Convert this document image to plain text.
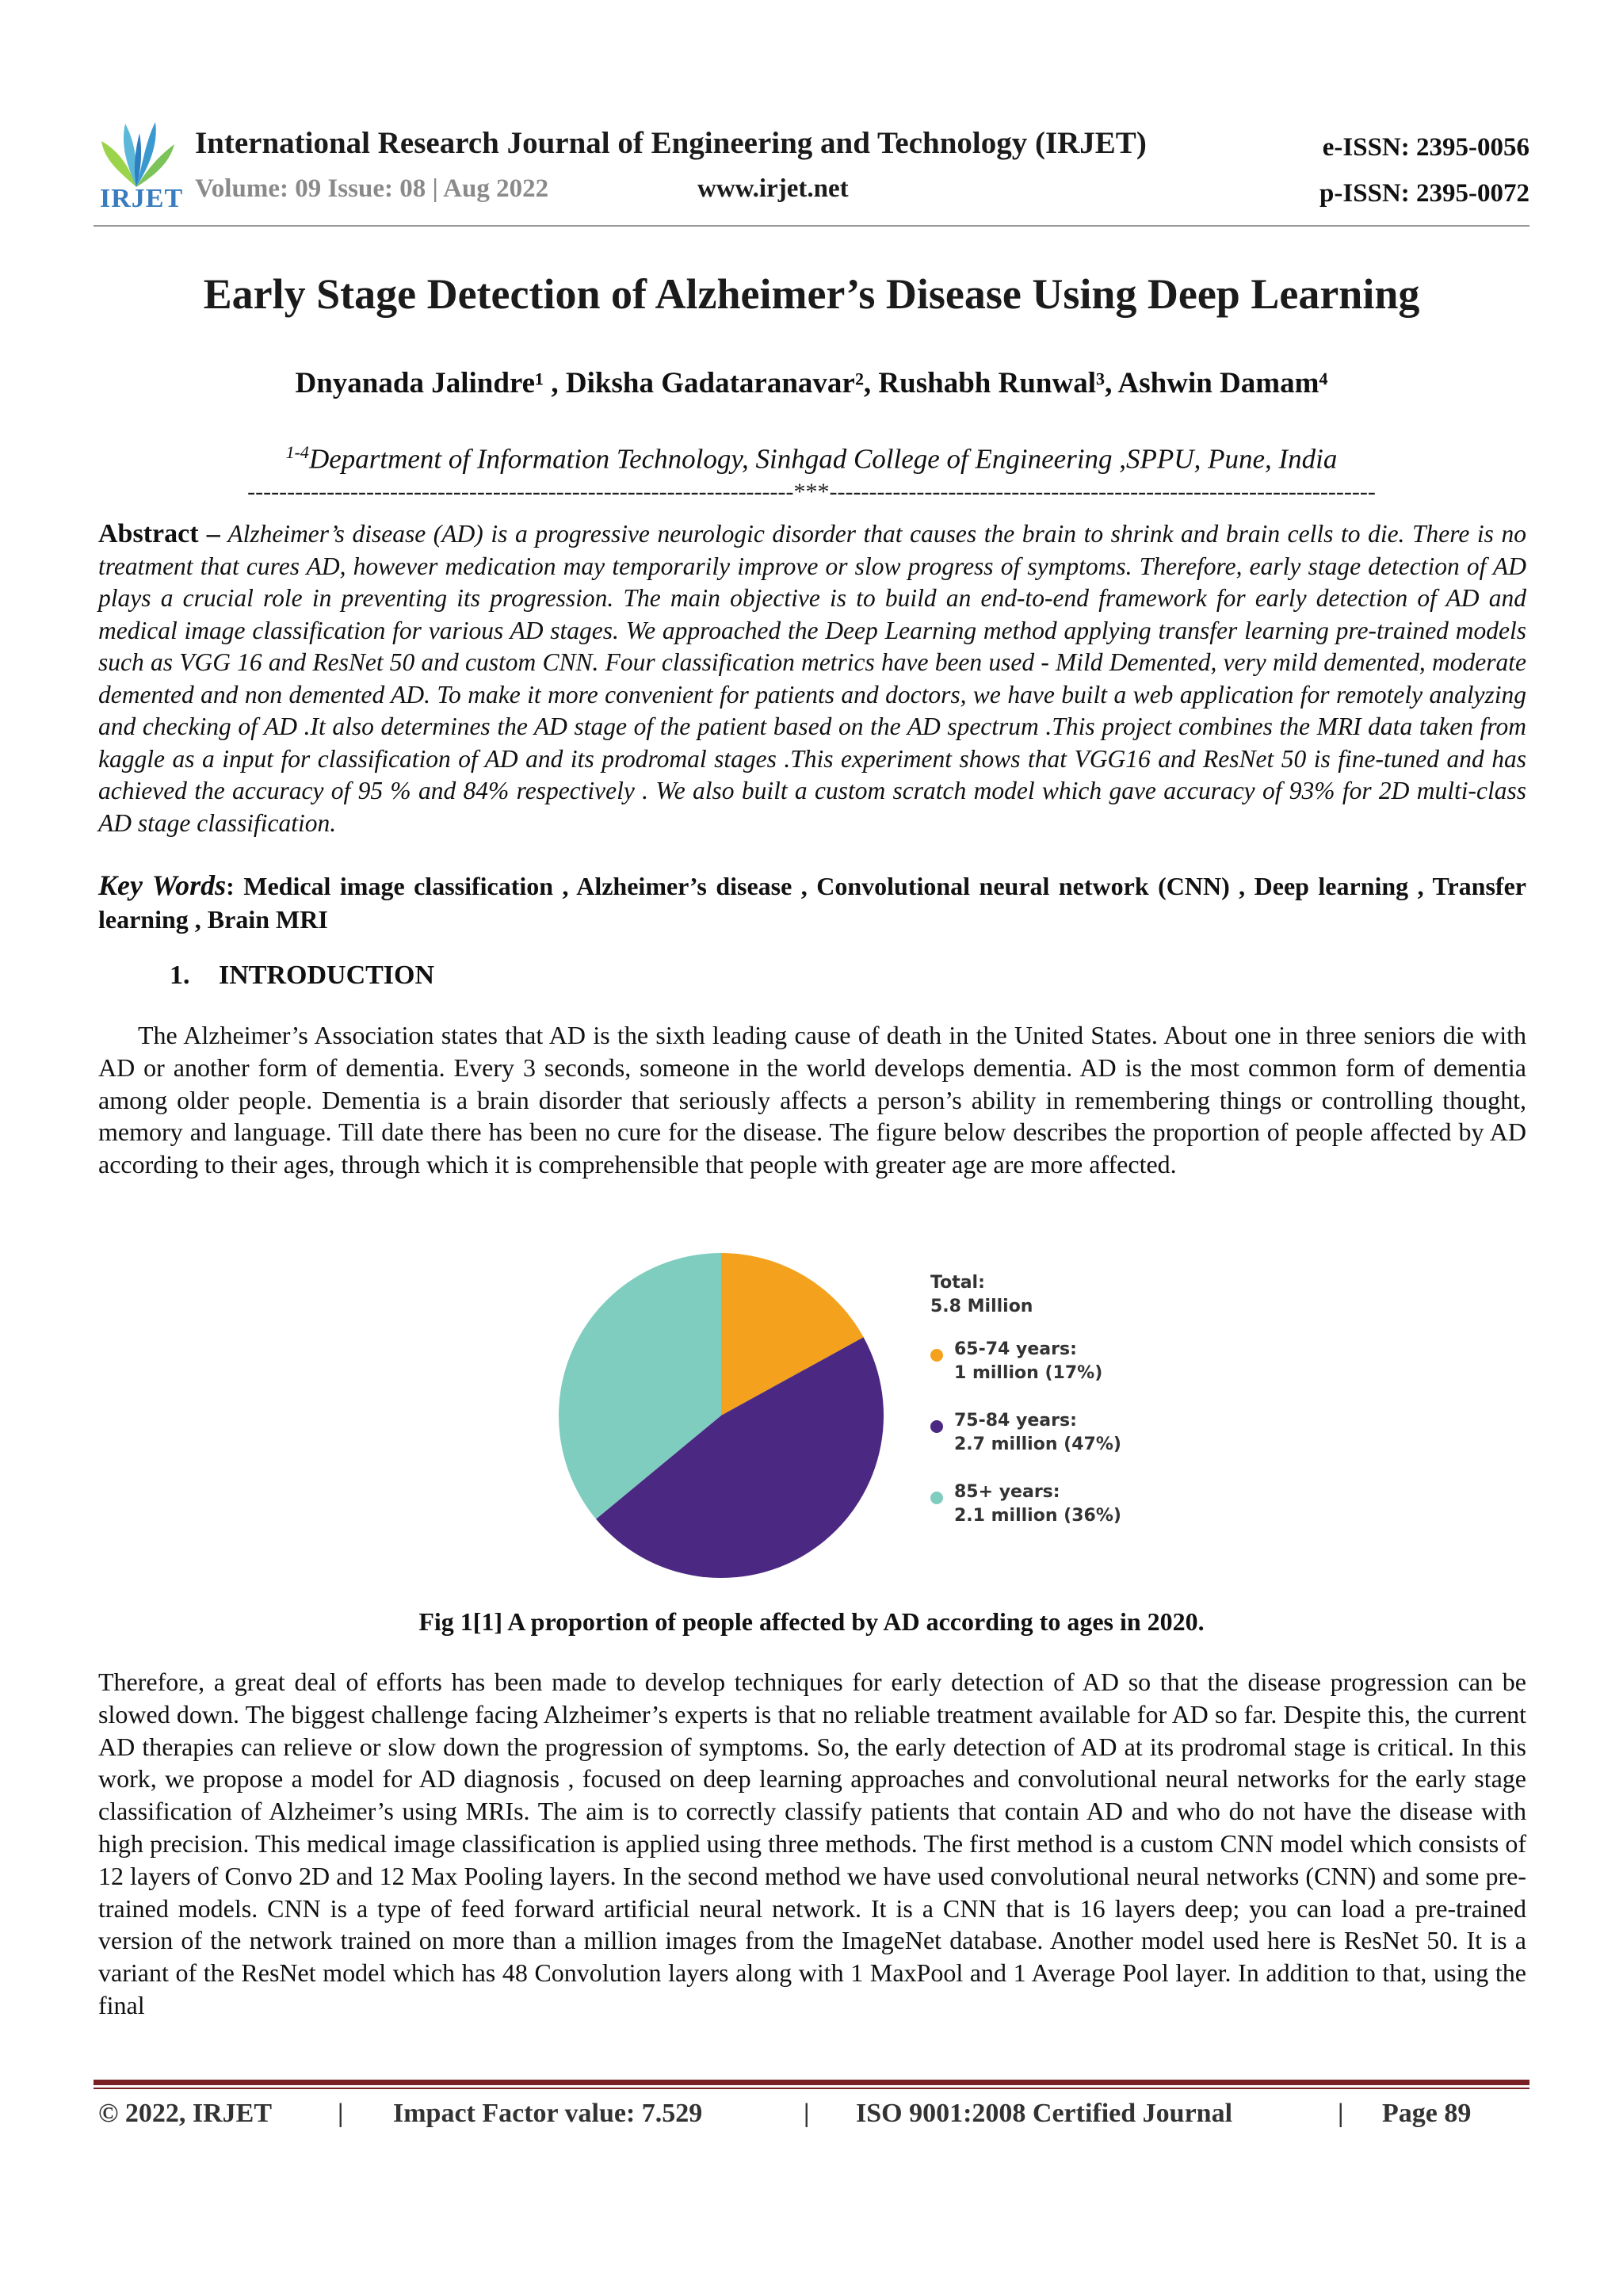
IRJET
International Research Journal of Engineering and Technology (IRJET)
Volume: 09 Issue: 08 | Aug 2022	www.irjet.net
e-ISSN: 2395-0056
p-ISSN: 2395-0072
Early Stage Detection of Alzheimer’s Disease Using Deep Learning
Dnyanada Jalindre¹ , Diksha Gadataranavar², Rushabh Runwal³, Ashwin Damam⁴
$^{1-4}$Department of Information Technology, Sinhgad College of Engineering ,SPPU, Pune, India
---------------------------------------------------------------------***---------------------------------------------------------------------
Abstract – Alzheimer’s disease (AD) is a progressive neurologic disorder that causes the brain to shrink and brain cells to die. There is no treatment that cures AD, however medication may temporarily improve or slow progress of symptoms. Therefore, early stage detection of AD plays a crucial role in preventing its progression. The main objective is to build an end-to-end framework for early detection of AD and medical image classification for various AD stages. We approached the Deep Learning method applying transfer learning pre-trained models such as VGG 16 and ResNet 50 and custom CNN. Four classification metrics have been used - Mild Demented, very mild demented, moderate demented and non demented AD. To make it more convenient for patients and doctors, we have built a web application for remotely analyzing and checking of AD .It also determines the AD stage of the patient based on the AD spectrum .This project combines the MRI data taken from kaggle as a input for classification of AD and its prodromal stages .This experiment shows that VGG16 and ResNet 50 is fine-tuned and has achieved the accuracy of 95 % and 84% respectively . We also built a custom scratch model which gave accuracy of 93% for 2D multi-class AD stage classification.
Key Words: Medical image classification , Alzheimer’s disease , Convolutional neural network (CNN) , Deep learning , Transfer learning , Brain MRI
1. INTRODUCTION
The Alzheimer’s Association states that AD is the sixth leading cause of death in the United States. About one in three seniors die with AD or another form of dementia. Every 3 seconds, someone in the world develops dementia. AD is the most common form of dementia among older people. Dementia is a brain disorder that seriously affects a person’s ability in remembering things or controlling thought, memory and language. Till date there has been no cure for the disease. The figure below describes the proportion of people affected by AD according to their ages, through which it is comprehensible that people with greater age are more affected.
Total:
5.8 Million
65-74 years:
1 million (17%)
75-84 years:
2.7 million (47%)
85+ years:
2.1 million (36%)
Fig 1[1] A proportion of people affected by AD according to ages in 2020.
Therefore, a great deal of efforts has been made to develop techniques for early detection of AD so that the disease progression can be slowed down. The biggest challenge facing Alzheimer’s experts is that no reliable treatment available for AD so far. Despite this, the current AD therapies can relieve or slow down the progression of symptoms. So, the early detection of AD at its prodromal stage is critical. In this work, we propose a model for AD diagnosis , focused on deep learning approaches and convolutional neural networks for the early stage classification of Alzheimer’s using MRIs. The aim is to correctly classify patients that contain AD and who do not have the disease with high precision. This medical image classification is applied using three methods. The first method is a custom CNN model which consists of 12 layers of Convo 2D and 12 Max Pooling layers. In the second method we have used convolutional neural networks (CNN) and some pre-trained models. CNN is a type of feed forward artificial neural network. It is a CNN that is 16 layers deep; you can load a pre-trained version of the network trained on more than a million images from the ImageNet database. Another model used here is ResNet 50. It is a variant of the ResNet model which has 48 Convolution layers along with 1 MaxPool and 1 Average Pool layer. In addition to that, using the final
© 2022, IRJET | Impact Factor value: 7.529	| ISO 9001:2008 Certified Journal	| Page 89
